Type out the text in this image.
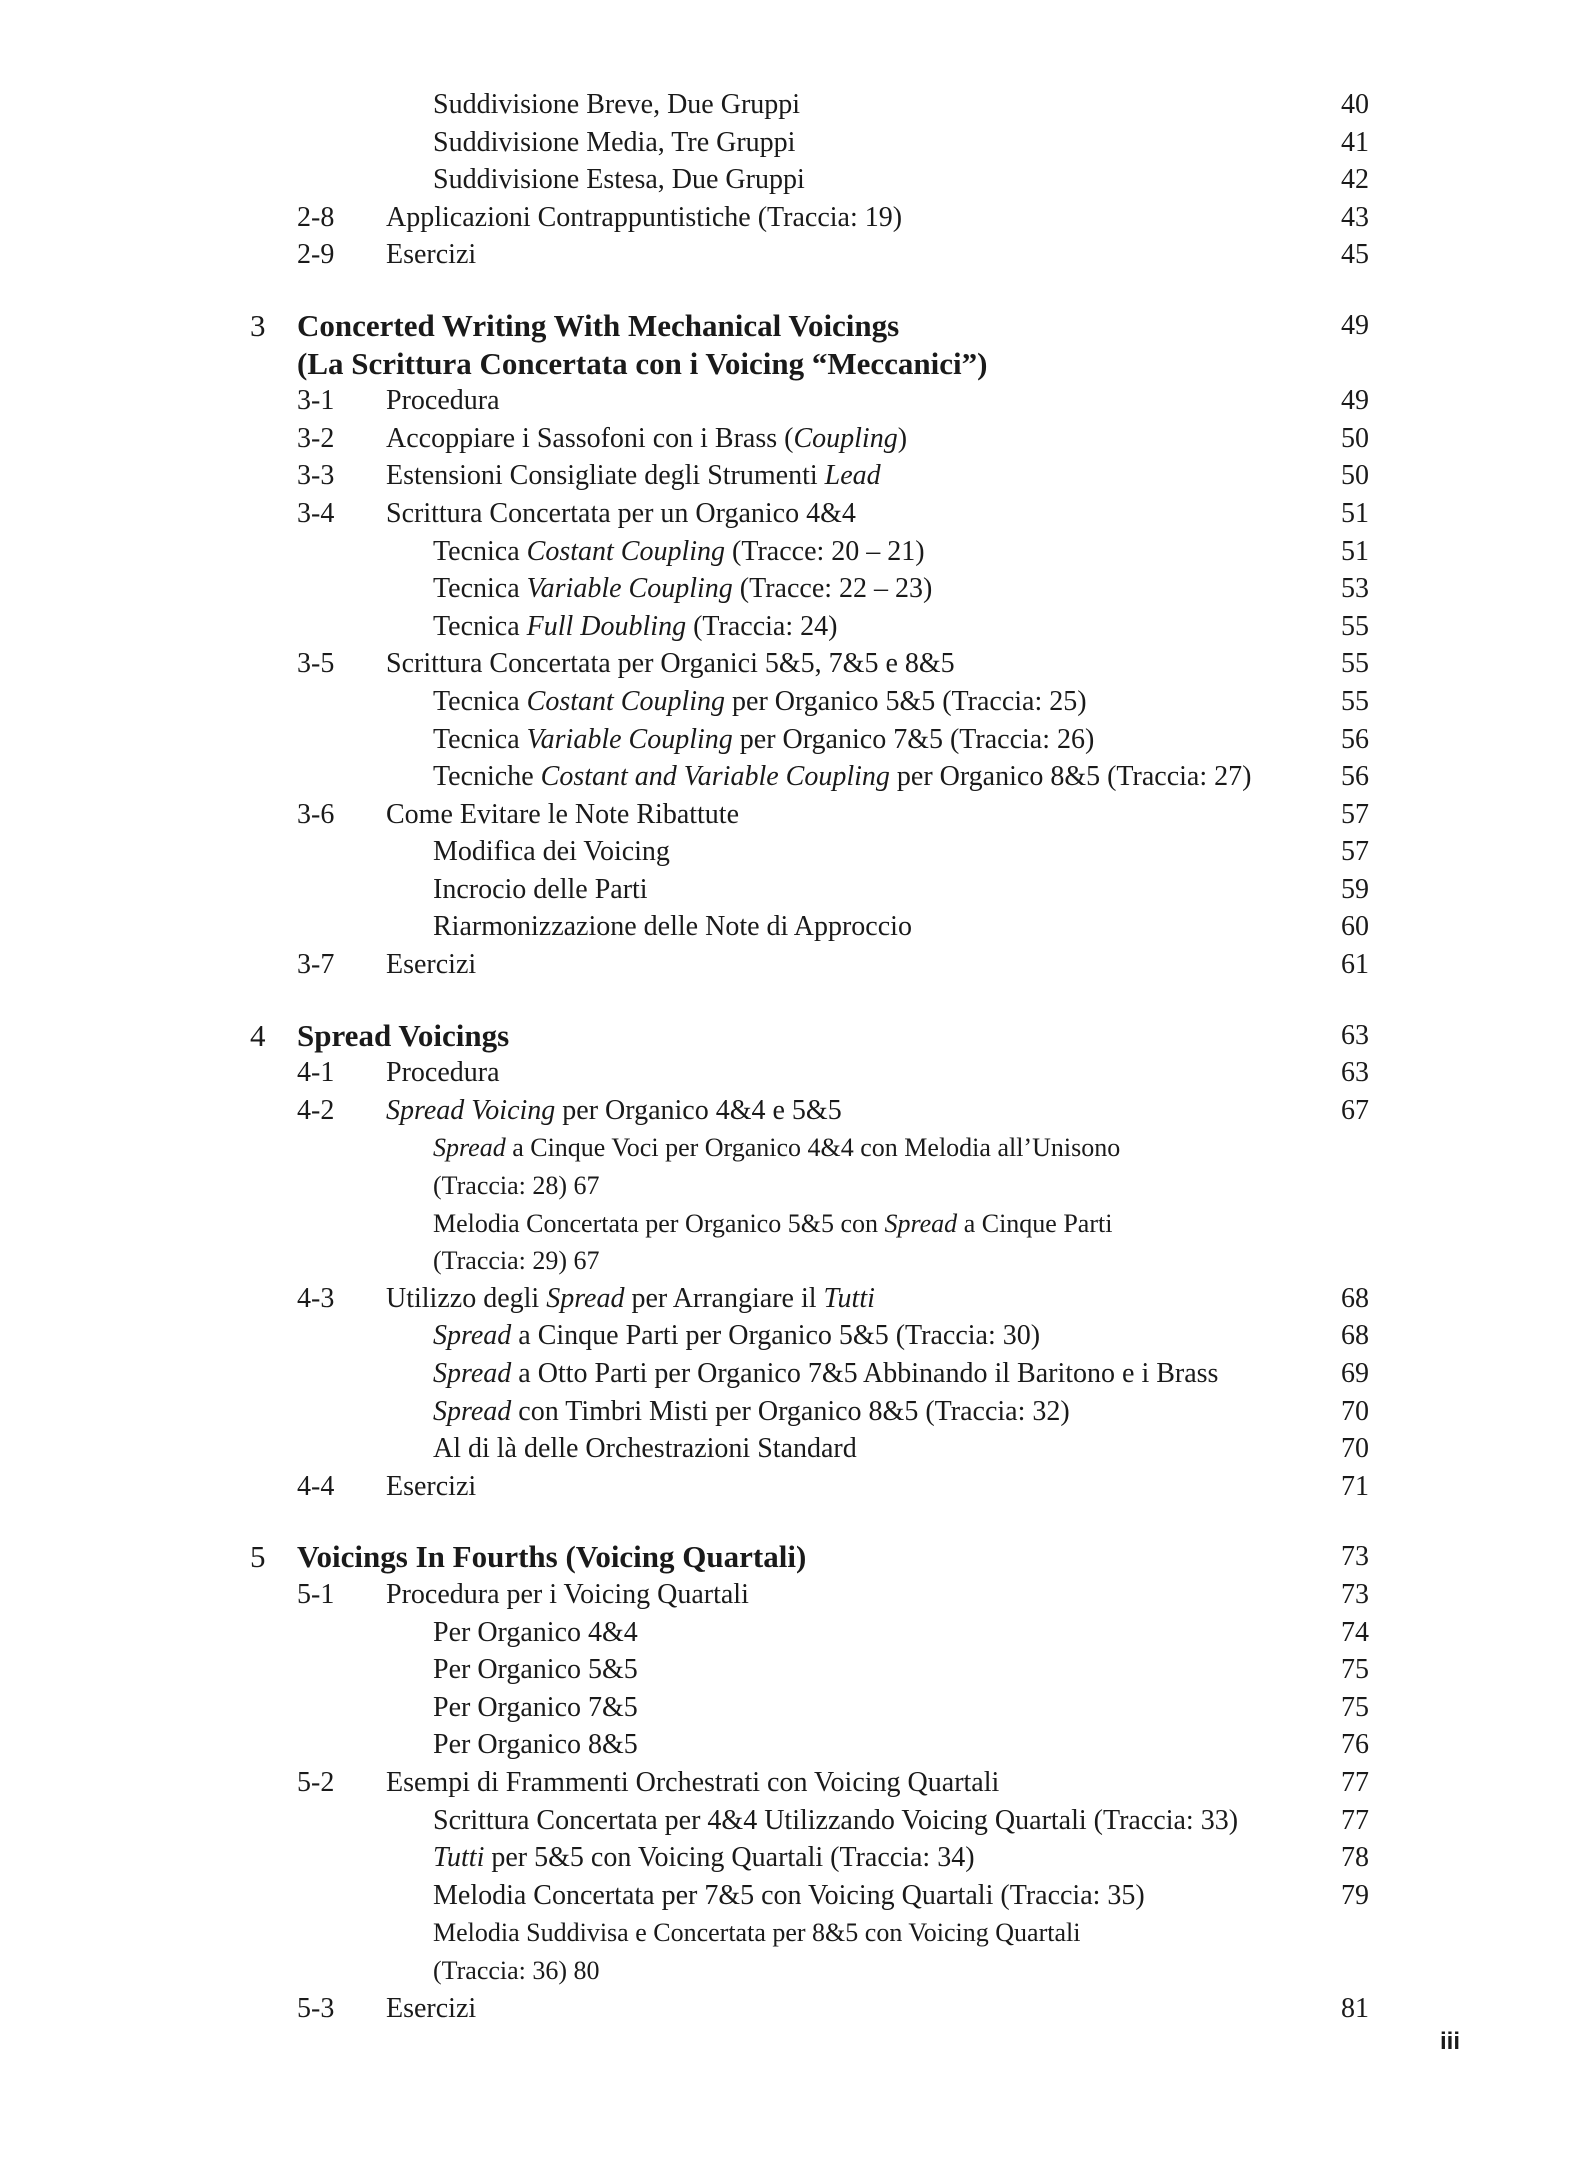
Suddivisione Breve, Due Gruppi	40
Suddivisione Media, Tre Gruppi	41
Suddivisione Estesa, Due Gruppi	42
2-8 Applicazioni Contrappuntistiche (Traccia: 19)	43
2-9 Esercizi	45
3 Concerted Writing With Mechanical Voicings	49
(La Scrittura Concertata con i Voicing “Meccanici”)
3-1 Procedura	49
3-2 Accoppiare i Sassofoni con i Brass (Coupling)	50
3-3 Estensioni Consigliate degli Strumenti Lead	50
3-4 Scrittura Concertata per un Organico 4&4	51
Tecnica Costant Coupling (Tracce: 20 – 21)	51
Tecnica Variable Coupling (Tracce: 22 – 23)	53
Tecnica Full Doubling (Traccia: 24)	55
3-5 Scrittura Concertata per Organici 5&5, 7&5 e 8&5	55
Tecnica Costant Coupling per Organico 5&5 (Traccia: 25)	55
Tecnica Variable Coupling per Organico 7&5 (Traccia: 26)	56
Tecniche Costant and Variable Coupling per Organico 8&5 (Traccia: 27)	56
3-6 Come Evitare le Note Ribattute	57
Modifica dei Voicing	57
Incrocio delle Parti	59
Riarmonizzazione delle Note di Approccio	60
3-7 Esercizi	61
4 Spread Voicings	63
4-1 Procedura	63
4-2 Spread Voicing per Organico 4&4 e 5&5	67
Spread a Cinque Voci per Organico 4&4 con Melodia all’Unisono
(Traccia: 28) 67
Melodia Concertata per Organico 5&5 con Spread a Cinque Parti
(Traccia: 29) 67
4-3 Utilizzo degli Spread per Arrangiare il Tutti	68
Spread a Cinque Parti per Organico 5&5 (Traccia: 30)	68
Spread a Otto Parti per Organico 7&5 Abbinando il Baritono e i Brass	69
Spread con Timbri Misti per Organico 8&5 (Traccia: 32)	70
Al di là delle Orchestrazioni Standard	70
4-4 Esercizi	71
5 Voicings In Fourths (Voicing Quartali)	73
5-1 Procedura per i Voicing Quartali	73
Per Organico 4&4	74
Per Organico 5&5	75
Per Organico 7&5	75
Per Organico 8&5	76
5-2 Esempi di Frammenti Orchestrati con Voicing Quartali	77
Scrittura Concertata per 4&4 Utilizzando Voicing Quartali (Traccia: 33)	77
Tutti per 5&5 con Voicing Quartali (Traccia: 34)	78
Melodia Concertata per 7&5 con Voicing Quartali (Traccia: 35)	79
Melodia Suddivisa e Concertata per 8&5 con Voicing Quartali
(Traccia: 36) 80
5-3 Esercizi	81
iii
